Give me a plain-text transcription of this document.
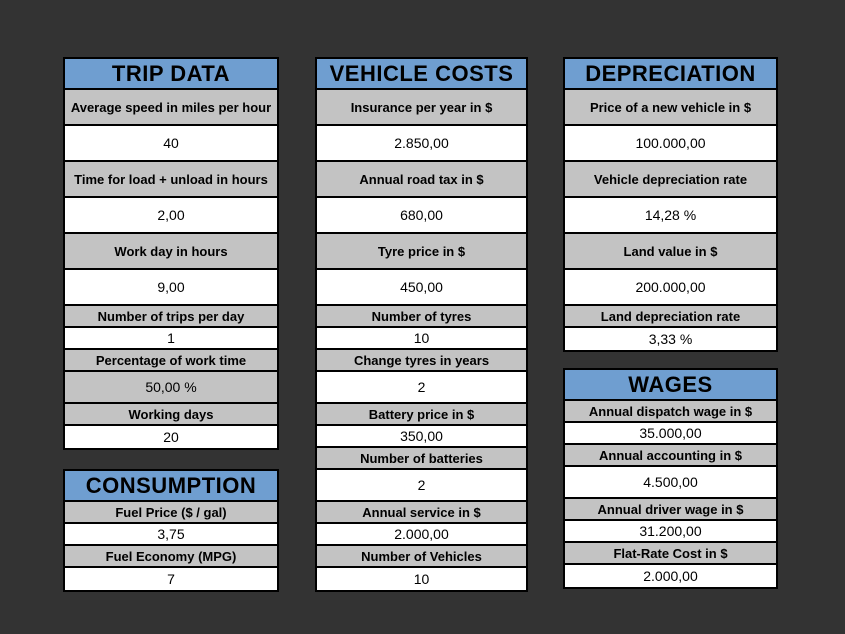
TRIP DATA
Average speed in miles per hour
40
Time for load + unload in hours
2,00
Work day in hours
9,00
Number of trips per day
1
Percentage of work time
50,00 %
Working days
20
CONSUMPTION
Fuel Price ($ / gal)
3,75
Fuel Economy (MPG)
7
VEHICLE COSTS
Insurance per year in $
2.850,00
Annual road tax in $
680,00
Tyre price in $
450,00
Number of tyres
10
Change tyres in years
2
Battery price in $
350,00
Number of batteries
2
Annual service in $
2.000,00
Number of Vehicles
10
DEPRECIATION
Price of a new vehicle in $
100.000,00
Vehicle depreciation rate
14,28 %
Land value in $
200.000,00
Land depreciation rate
3,33 %
WAGES
Annual dispatch wage in $
35.000,00
Annual accounting in $
4.500,00
Annual driver wage in $
31.200,00
Flat-Rate Cost in $
2.000,00
